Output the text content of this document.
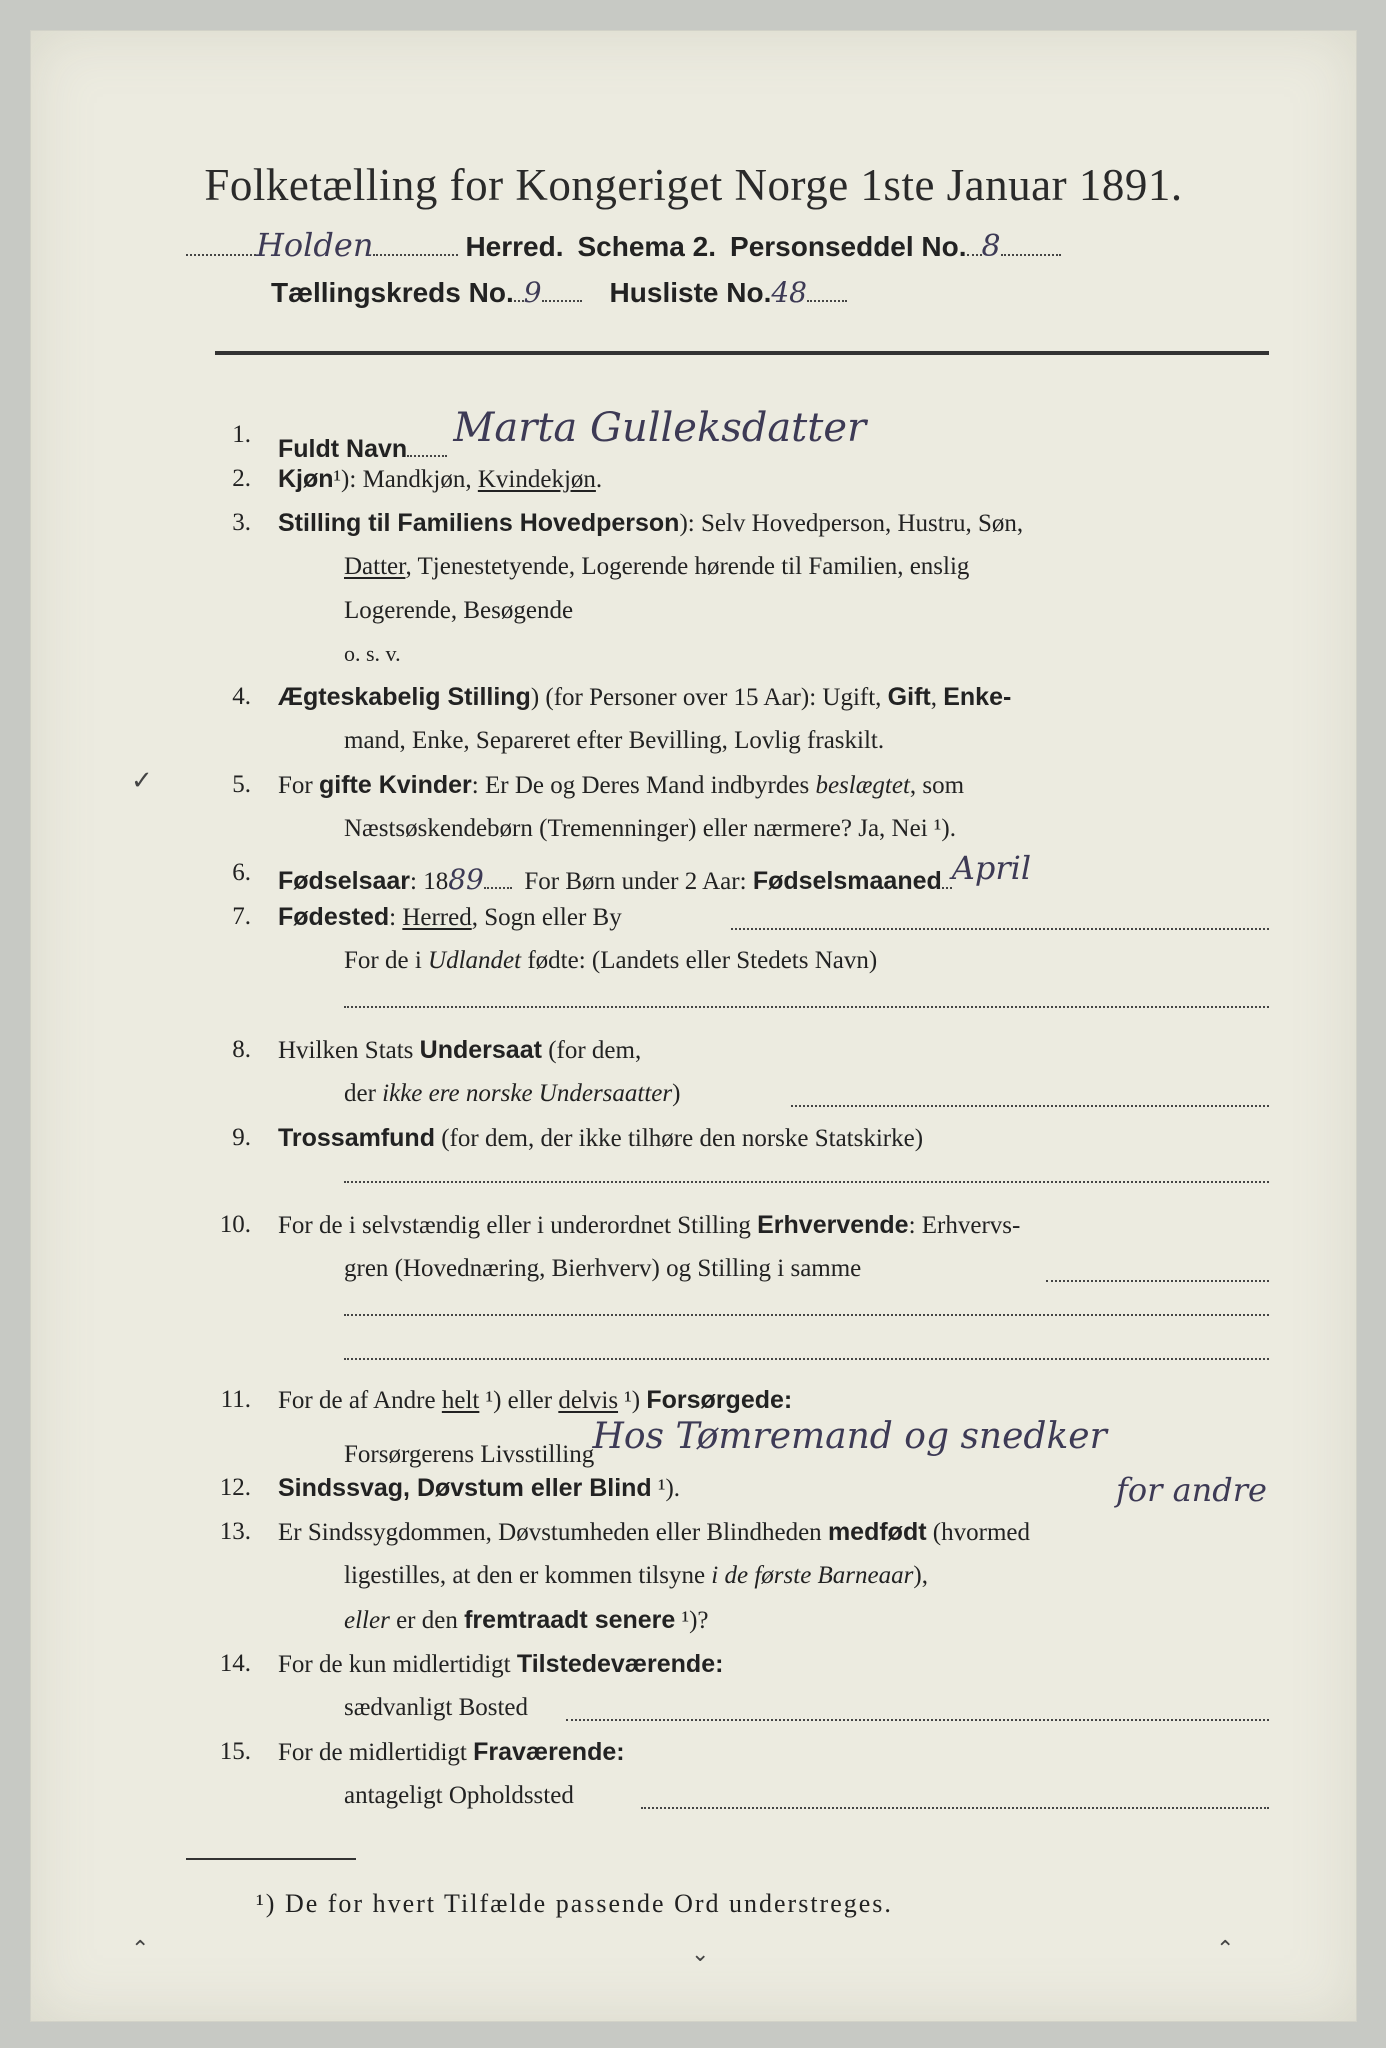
Folketælling for Kongeriget Norge 1ste Januar 1891.
Holden	Herred. Schema 2. Personseddel No. 8
Tællingskreds No. 9 Husliste No.48
1.
Fuldt Navn Marta Gulleksdatter
2. Kjøn¹): Mandkjøn, Kvindekjøn.
3. Stilling til Familiens Hovedperson): Selv Hovedperson, Hustru, Søn,
Datter, Tjenestetyende, Logerende hørende til Familien, enslig
Logerende, Besøgende
o. s. v.
4. Ægteskabelig Stilling) (for Personer over 15 Aar): Ugift, Gift, Enke-
mand, Enke, Separeret efter Bevilling, Lovlig fraskilt.
✓	5. For gifte Kvinder: Er De og Deres Mand indbyrdes beslægtet, som
Næstsøskendebørn (Tremenninger) eller nærmere? Ja, Nei ¹).
6. Fødselsaar: 1889 For Børn under 2 Aar: Fødselsmaaned April
7. Fødested: Herred, Sogn eller By
For de i Udlandet fødte: (Landets eller Stedets Navn)
8. Hvilken Stats Undersaat (for dem,
der ikke ere norske Undersaatter)
9. Trossamfund (for dem, der ikke tilhøre den norske Statskirke)
10. For de i selvstændig eller i underordnet Stilling Erhvervende: Erhvervs-
gren (Hovednæring, Bierhverv) og Stilling i samme
11. For de af Andre helt ¹) eller delvis ¹) Forsørgede:
Forsørgerens Livsstilling Hos Tømremand og snedker
for andre
12. Sindssvag, Døvstum eller Blind ¹).
13. Er Sindssygdommen, Døvstumheden eller Blindheden medfødt (hvormed
ligestilles, at den er kommen tilsyne i de første Barneaar),
eller er den fremtraadt senere ¹)?
14. For de kun midlertidigt Tilstedeværende:
sædvanligt Bosted
15. For de midlertidigt Fraværende:
antageligt Opholdssted
¹) De for hvert Tilfælde passende Ord understreges.
⌃	⌄	⌃
